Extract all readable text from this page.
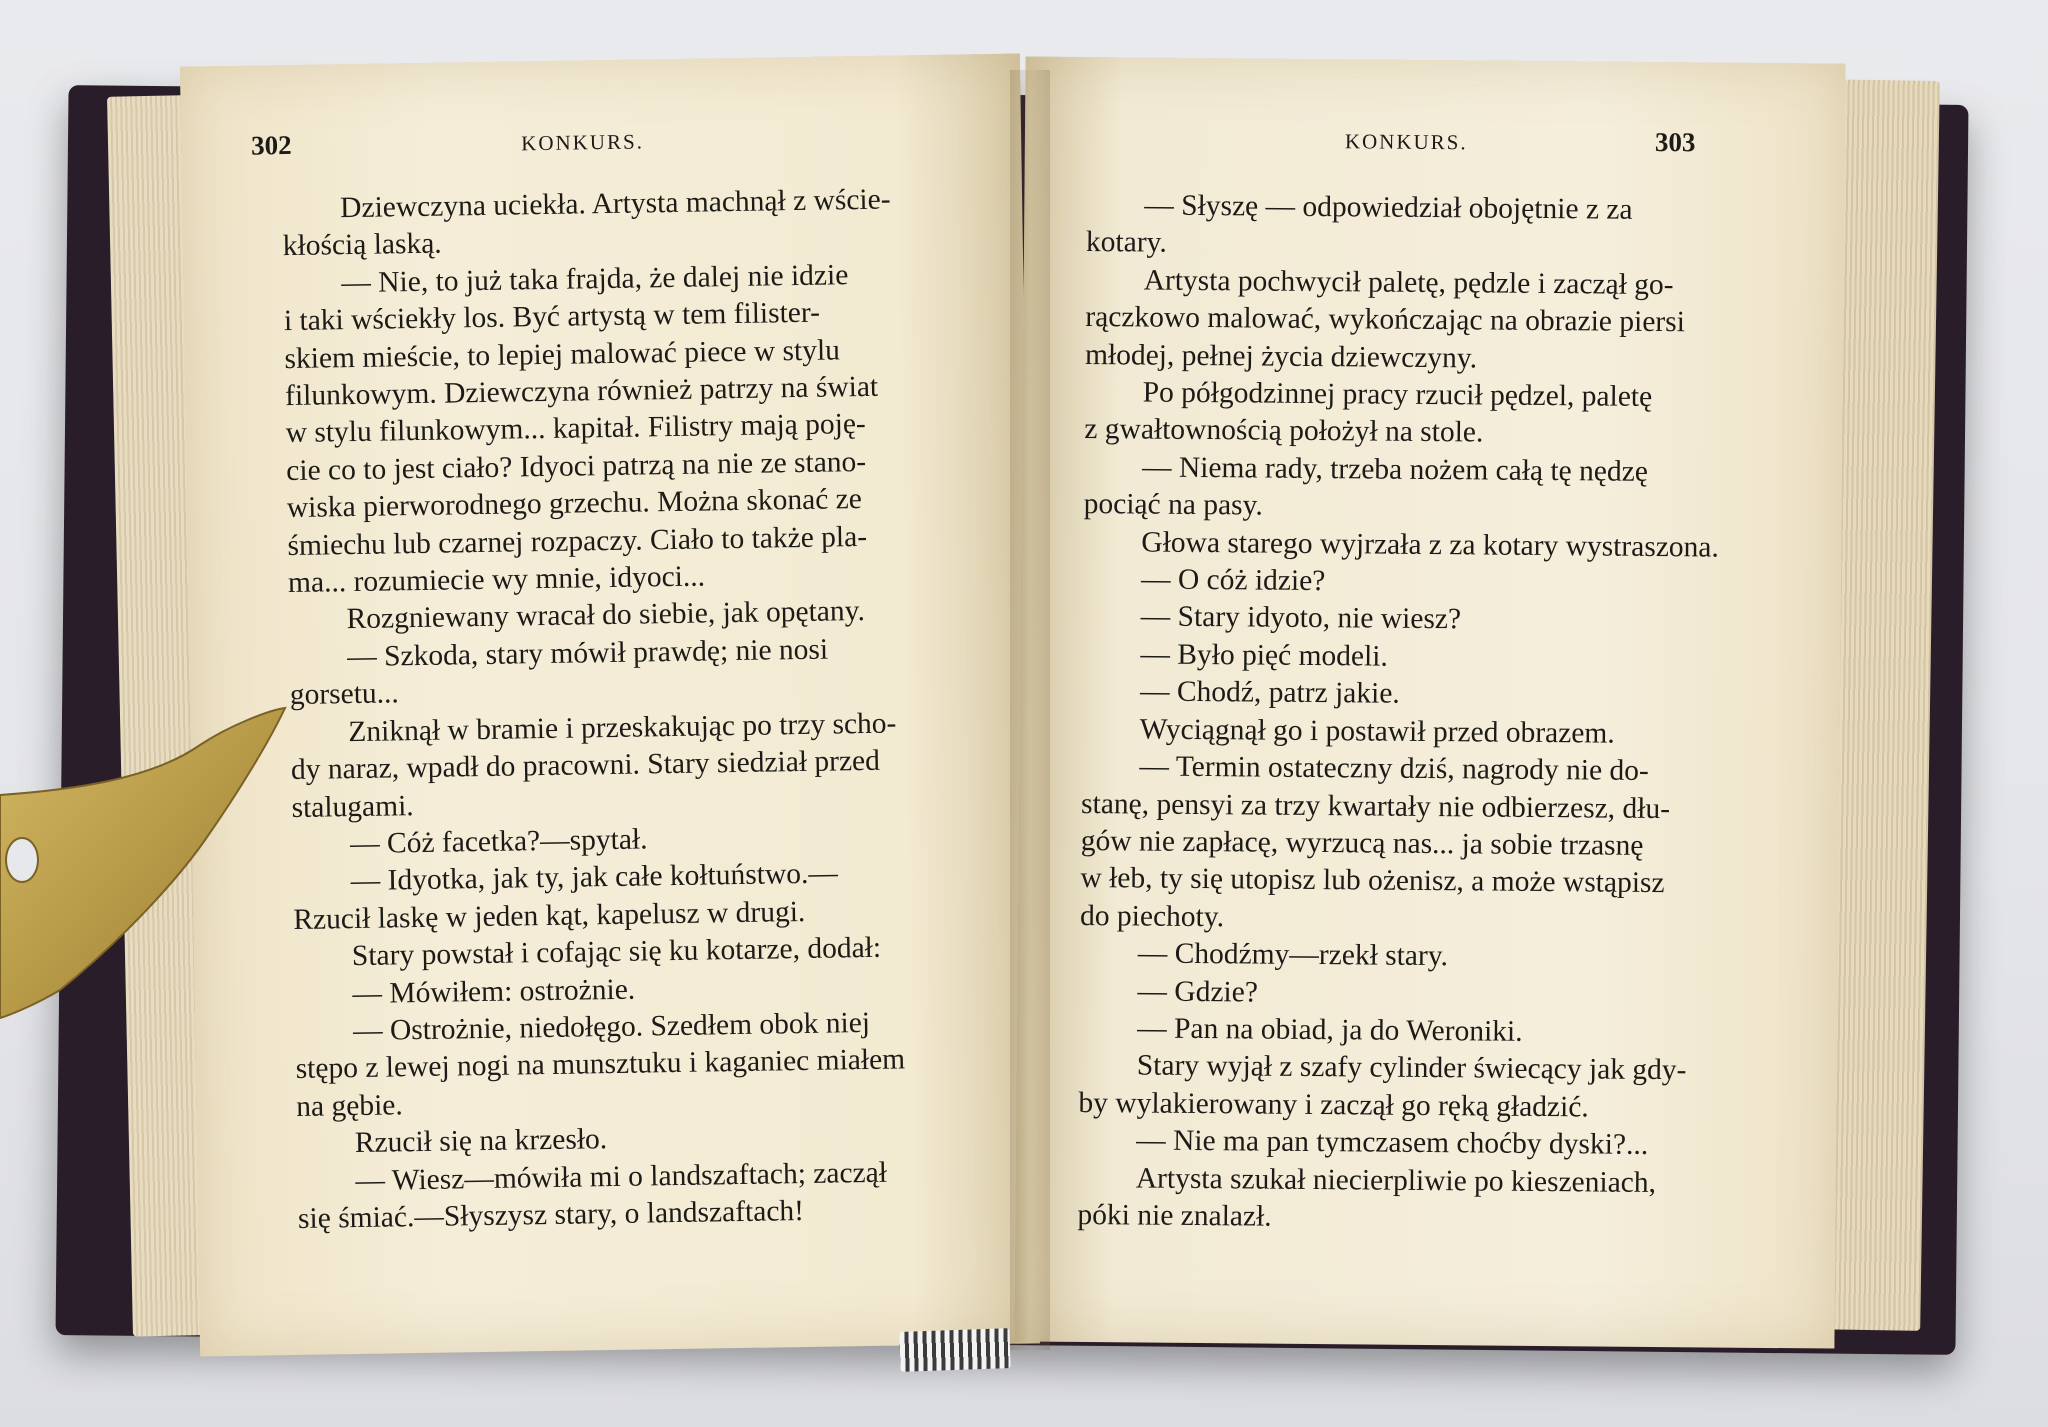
302	KONKURS.
Dziewczyna uciekła. Artysta machnął z wście-
kłością laską.
— Nie, to już taka frajda, że dalej nie idzie
i taki wściekły los. Być artystą w tem filister-
skiem mieście, to lepiej malować piece w stylu
filunkowym. Dziewczyna również patrzy na świat
w stylu filunkowym... kapitał. Filistry mają poję-
cie co to jest ciało? Idyoci patrzą na nie ze stano-
wiska pierworodnego grzechu. Można skonać ze
śmiechu lub czarnej rozpaczy. Ciało to także pla-
ma... rozumiecie wy mnie, idyoci...
Rozgniewany wracał do siebie, jak opętany.
— Szkoda, stary mówił prawdę; nie nosi
gorsetu...
Zniknął w bramie i przeskakując po trzy scho-
dy naraz, wpadł do pracowni. Stary siedział przed
stalugami.
— Cóż facetka?—spytał.
— Idyotka, jak ty, jak całe kołtuństwo.—
Rzucił laskę w jeden kąt, kapelusz w drugi.
Stary powstał i cofając się ku kotarze, dodał:
— Mówiłem: ostrożnie.
— Ostrożnie, niedołęgo. Szedłem obok niej
stępo z lewej nogi na munsztuku i kaganiec miałem
na gębie.
Rzucił się na krzesło.
— Wiesz—mówiła mi o landszaftach; zaczął
się śmiać.—Słyszysz stary, o landszaftach!
KONKURS.	303
— Słyszę — odpowiedział obojętnie z za
kotary.
Artysta pochwycił paletę, pędzle i zaczął go-
rączkowo malować, wykończając na obrazie piersi
młodej, pełnej życia dziewczyny.
Po półgodzinnej pracy rzucił pędzel, paletę
z gwałtownością położył na stole.
— Niema rady, trzeba nożem całą tę nędzę
pociąć na pasy.
Głowa starego wyjrzała z za kotary wystraszona.
— O cóż idzie?
— Stary idyoto, nie wiesz?
— Było pięć modeli.
— Chodź, patrz jakie.
Wyciągnął go i postawił przed obrazem.
— Termin ostateczny dziś, nagrody nie do-
stanę, pensyi za trzy kwartały nie odbierzesz, dłu-
gów nie zapłacę, wyrzucą nas... ja sobie trzasnę
w łeb, ty się utopisz lub ożenisz, a może wstąpisz
do piechoty.
— Chodźmy—rzekł stary.
— Gdzie?
— Pan na obiad, ja do Weroniki.
Stary wyjął z szafy cylinder świecący jak gdy-
by wylakierowany i zaczął go ręką gładzić.
— Nie ma pan tymczasem choćby dyski?...
Artysta szukał niecierpliwie po kieszeniach,
póki nie znalazł.
